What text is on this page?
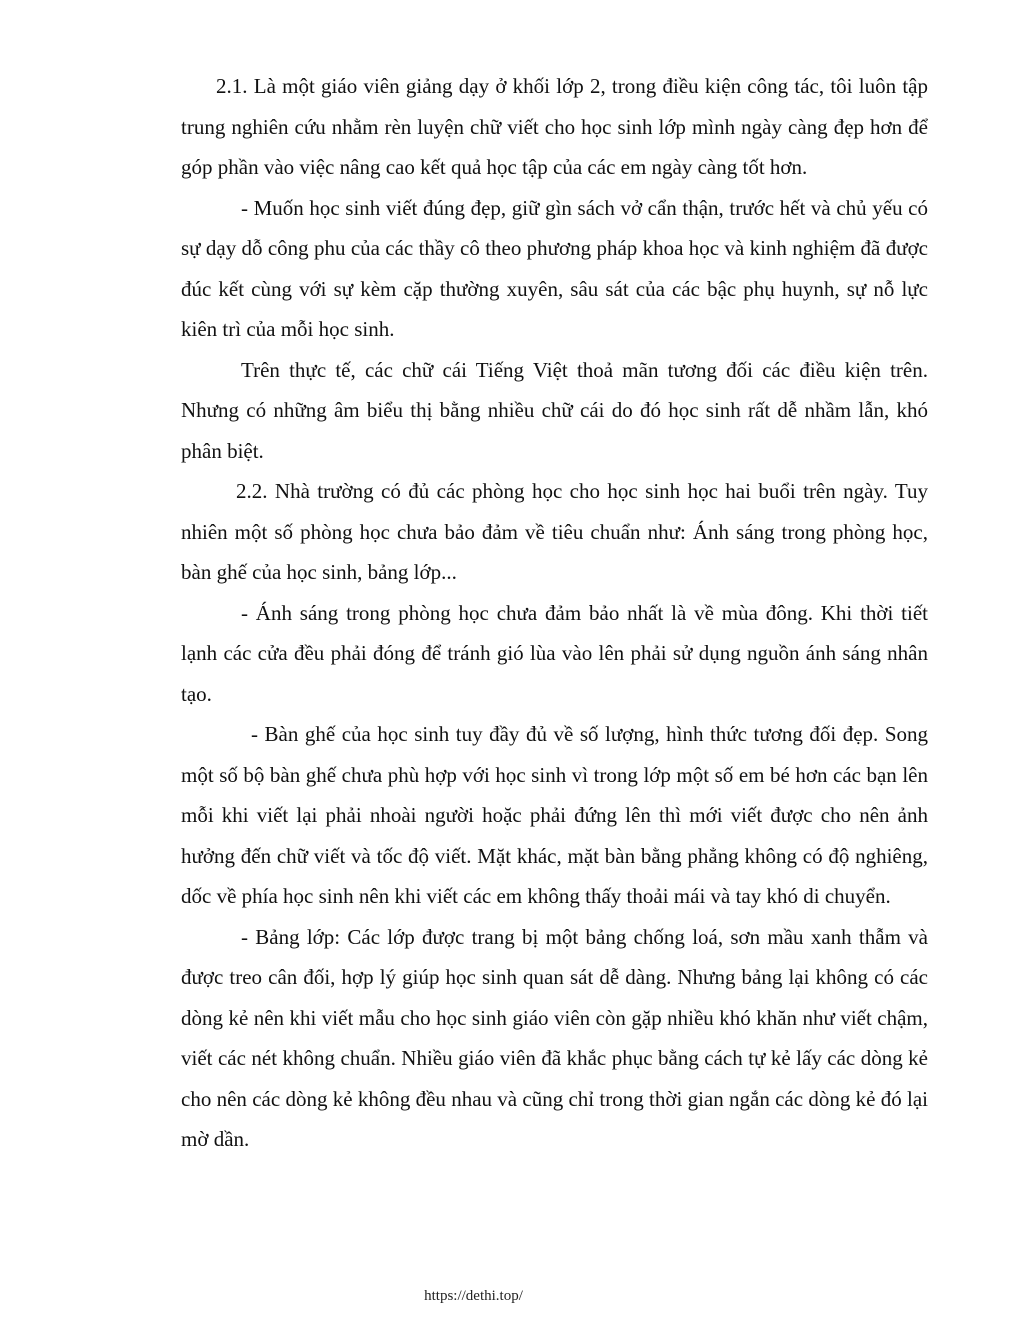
2.1. Là một giáo viên giảng dạy ở khối lớp 2, trong điều kiện công tác, tôi luôn tập trung nghiên cứu nhằm rèn luyện chữ viết cho học sinh lớp mình ngày càng đẹp hơn để góp phần vào việc nâng cao kết quả học tập của các em ngày càng tốt hơn.

- Muốn học sinh viết đúng đẹp, giữ gìn sách vở cẩn thận, trước hết và chủ yếu có sự dạy dỗ công phu của các thầy cô theo phương pháp khoa học và kinh nghiệm đã được đúc kết cùng với sự kèm cặp thường xuyên, sâu sát của các bậc phụ huynh, sự nỗ lực kiên trì của mỗi học sinh.

Trên thực tế, các chữ cái Tiếng Việt thoả mãn tương đối các điều kiện trên. Nhưng có những âm biểu thị bằng nhiều chữ cái do đó học sinh rất dễ nhầm lẫn, khó phân biệt.

2.2. Nhà trường có đủ các phòng học cho học sinh học hai buổi trên ngày. Tuy nhiên một số phòng học chưa bảo đảm về tiêu chuẩn như: Ánh sáng trong phòng học, bàn ghế của học sinh, bảng lớp...

- Ánh sáng trong phòng học chưa đảm bảo nhất là về mùa đông. Khi thời tiết lạnh các cửa đều phải đóng để tránh gió lùa vào lên phải sử dụng nguồn ánh sáng nhân tạo.

- Bàn ghế của học sinh tuy đầy đủ về số lượng, hình thức tương đối đẹp. Song một số bộ bàn ghế chưa phù hợp với học sinh vì trong lớp một số em bé hơn các bạn lên mỗi khi viết lại phải nhoài người hoặc phải đứng lên thì mới viết được cho nên ảnh hưởng đến chữ viết và tốc độ viết. Mặt khác, mặt bàn bằng phẳng không có độ nghiêng, dốc về phía học sinh nên khi viết các em không thấy thoải mái và tay khó di chuyển.

- Bảng lớp: Các lớp được trang bị một bảng chống loá, sơn mầu xanh thẫm và được treo cân đối, hợp lý giúp học sinh quan sát dễ dàng. Nhưng bảng lại không có các dòng kẻ nên khi viết mẫu cho học sinh giáo viên còn gặp nhiều khó khăn như viết chậm, viết các nét không chuẩn. Nhiều giáo viên đã khắc phục bằng cách tự kẻ lấy các dòng kẻ cho nên các dòng kẻ không đều nhau và cũng chỉ trong thời gian ngắn các dòng kẻ đó lại mờ dần.

https://dethi.top/
